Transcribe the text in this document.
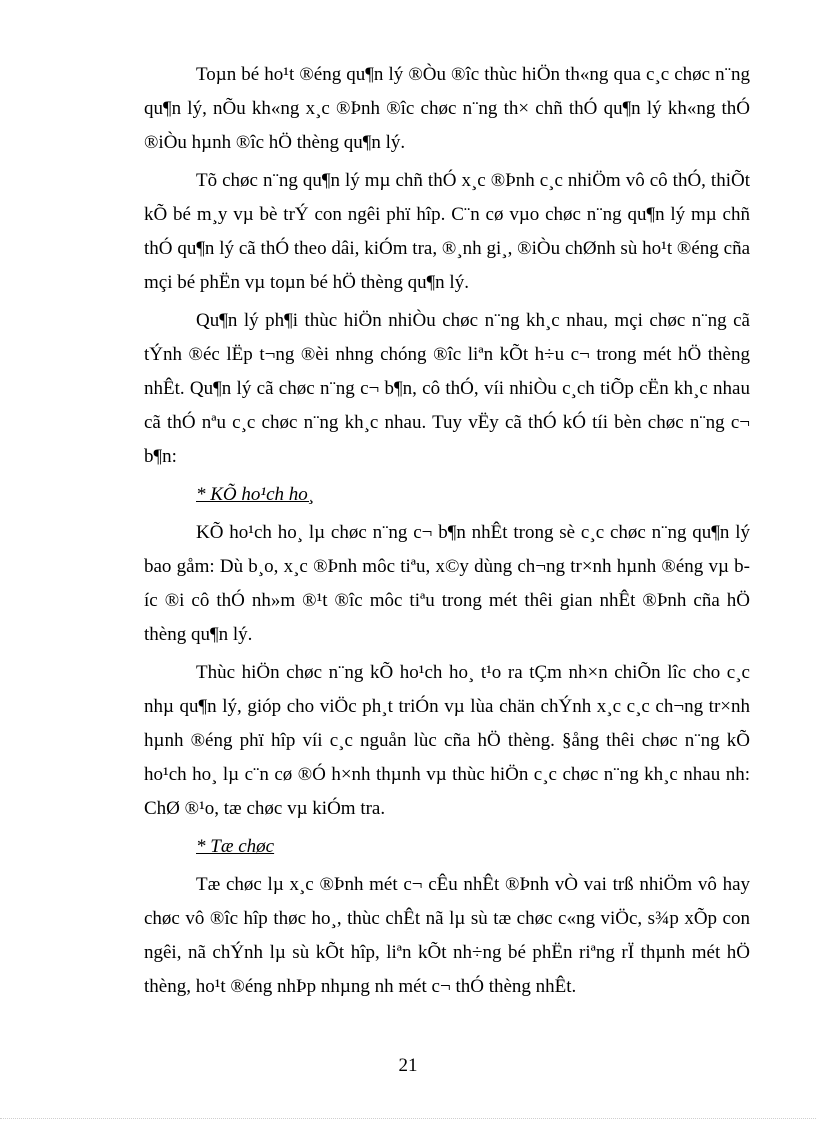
Toµn bé ho¹t ®éng qu¶n lý ®Òu ®îc thùc hiÖn th«ng qua c¸c chøc n¨ng qu¶n lý, nÕu kh«ng x¸c ®Þnh ®îc chøc n¨ng th× chñ thÓ qu¶n lý kh«ng thÓ ®iÒu hµnh ®îc hÖ thèng qu¶n lý.

Tõ chøc n¨ng qu¶n lý mµ chñ thÓ x¸c ®Þnh c¸c nhiÖm vô cô thÓ, thiÕt kÕ bé m¸y vµ bè trÝ con ngêi phï hîp. C¨n cø vµo chøc n¨ng qu¶n lý mµ chñ thÓ qu¶n lý cã thÓ theo dâi, kiÓm tra, ®¸nh gi¸, ®iÒu chØnh sù ho¹t ®éng cña mçi bé phËn vµ toµn bé hÖ thèng qu¶n lý.

Qu¶n lý ph¶i thùc hiÖn nhiÒu chøc n¨ng kh¸c nhau, mçi chøc n¨ng cã tÝnh ®éc lËp t¬ng ®èi nhng chóng ®îc liªn kÕt h÷u c¬ trong mét hÖ thèng nhÊt. Qu¶n lý cã chøc n¨ng c¬ b¶n, cô thÓ, víi nhiÒu c¸ch tiÕp cËn kh¸c nhau cã thÓ nªu c¸c chøc n¨ng kh¸c nhau. Tuy vËy cã thÓ kÓ tíi bèn chøc n¨ng c¬ b¶n:

* KÕ ho¹ch ho¸

KÕ ho¹ch ho¸ lµ chøc n¨ng c¬ b¶n nhÊt trong sè c¸c chøc n¨ng qu¶n lý bao gåm: Dù b¸o, x¸c ®Þnh môc tiªu, x©y dùng ch¬ng tr×nh hµnh ®éng vµ bíc ®i cô thÓ nh»m ®¹t ®îc môc tiªu trong mét thêi gian nhÊt ®Þnh cña hÖ thèng qu¶n lý.

Thùc hiÖn chøc n¨ng kÕ ho¹ch ho¸ t¹o ra tÇm nh×n chiÕn lîc cho c¸c nhµ qu¶n lý, gióp cho viÖc ph¸t triÓn vµ lùa chän chÝnh x¸c c¸c ch¬ng tr×nh hµnh ®éng phï hîp víi c¸c nguån lùc cña hÖ thèng. §ång thêi chøc n¨ng kÕ ho¹ch ho¸ lµ c¨n cø ®Ó h×nh thµnh vµ thùc hiÖn c¸c chøc n¨ng kh¸c nhau nh: ChØ ®¹o, tæ chøc vµ kiÓm tra.

* Tæ chøc

Tæ chøc lµ x¸c ®Þnh mét c¬ cÊu nhÊt ®Þnh vÒ vai trß nhiÖm vô hay chøc vô ®îc hîp thøc ho¸, thùc chÊt nã lµ sù tæ chøc c«ng viÖc, s¾p xÕp con ngêi, nã chÝnh lµ sù kÕt hîp, liªn kÕt nh÷ng bé phËn riªng rÏ thµnh mét hÖ thèng, ho¹t ®éng nhÞp nhµng nh mét c¬ thÓ thèng nhÊt.

21
